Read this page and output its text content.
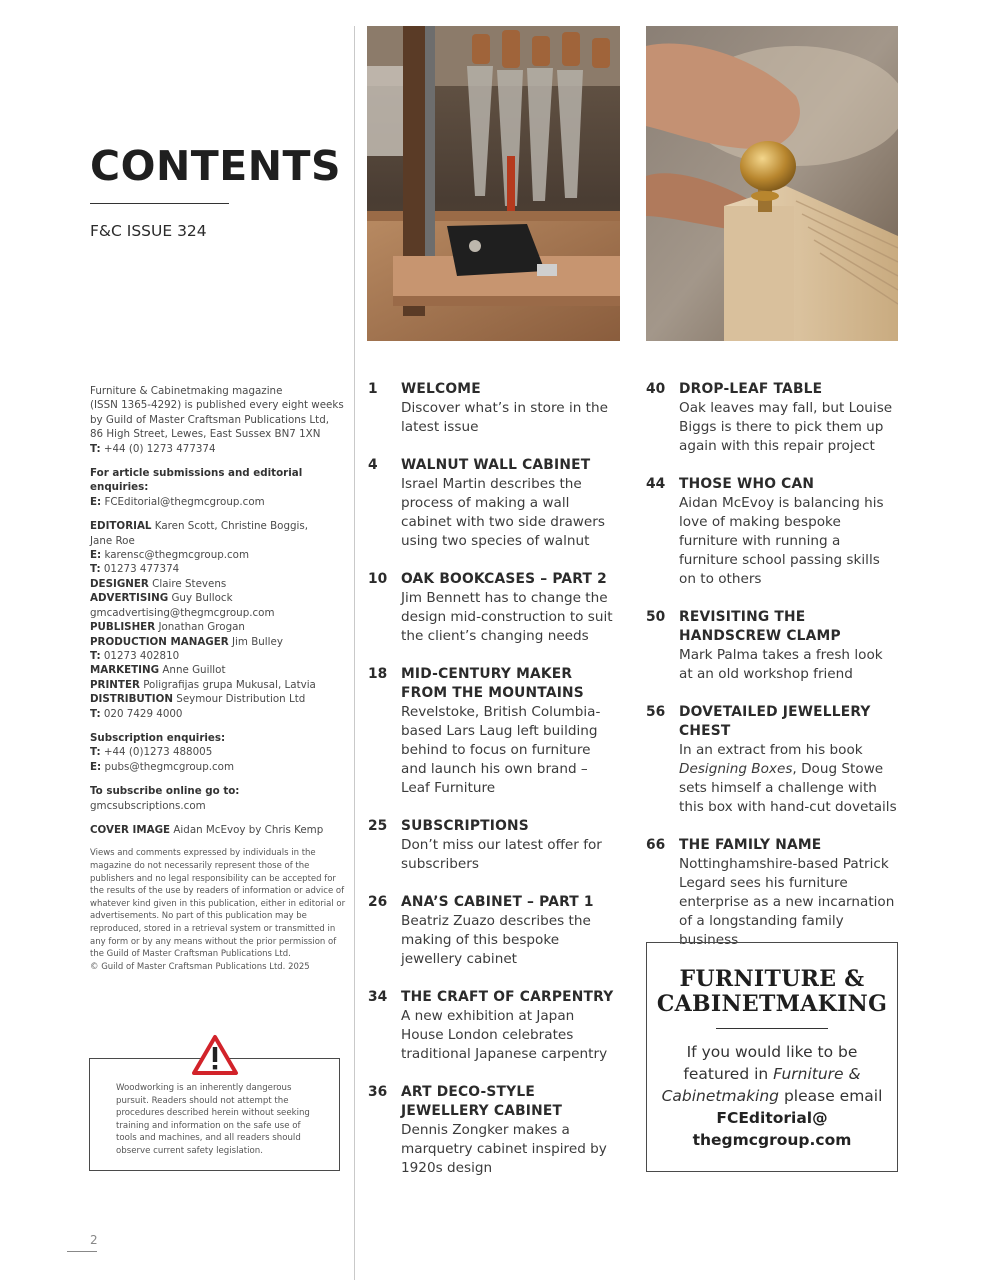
CONTENTS
F&C ISSUE 324

Furniture & Cabinetmaking magazine
(ISSN 1365-4292) is published every eight weeks
by Guild of Master Craftsman Publications Ltd,
86 High Street, Lewes, East Sussex BN7 1XN
T: +44 (0) 1273 477374

For article submissions and editorial enquiries:
E: FCEditorial@thegmcgroup.com

EDITORIAL Karen Scott, Christine Boggis,
Jane Roe
E: karensc@thegmcgroup.com
T: 01273 477374
DESIGNER Claire Stevens
ADVERTISING Guy Bullock
gmcadvertising@thegmcgroup.com
PUBLISHER Jonathan Grogan
PRODUCTION MANAGER Jim Bulley
T: 01273 402810
MARKETING Anne Guillot
PRINTER Poligrafijas grupa Mukusal, Latvia
DISTRIBUTION Seymour Distribution Ltd
T: 020 7429 4000

Subscription enquiries:
T: +44 (0)1273 488005
E: pubs@thegmcgroup.com

To subscribe online go to:
gmcsubscriptions.com

COVER IMAGE Aidan McEvoy by Chris Kemp

Views and comments expressed by individuals in the magazine do not necessarily represent those of the publishers and no legal responsibility can be accepted for the results of the use by readers of information or advice of whatever kind given in this publication, either in editorial or advertisements. No part of this publication may be reproduced, stored in a retrieval system or transmitted in any form or by any means without the prior permission of the Guild of Master Craftsman Publications Ltd.
© Guild of Master Craftsman Publications Ltd. 2025
Woodworking is an inherently dangerous pursuit. Readers should not attempt the procedures described herein without seeking training and information on the safe use of tools and machines, and all readers should observe current safety legislation.
2
1	WELCOME
Discover what’s in store in the latest issue
4	WALNUT WALL CABINET
Israel Martin describes the process of making a wall cabinet with two side drawers using two species of walnut
10 OAK BOOKCASES – PART 2
Jim Bennett has to change the design mid-construction to suit the client’s changing needs
18 MID-CENTURY MAKER FROM THE MOUNTAINS
Revelstoke, British Columbia-based Lars Laug left building behind to focus on furniture and launch his own brand – Leaf Furniture
25 SUBSCRIPTIONS
Don’t miss our latest offer for subscribers
26 ANA’S CABINET – PART 1
Beatriz Zuazo describes the making of this bespoke jewellery cabinet
34 THE CRAFT OF CARPENTRY
A new exhibition at Japan House London celebrates traditional Japanese carpentry
36 ART DECO-STYLE JEWELLERY CABINET
Dennis Zongker makes a marquetry cabinet inspired by 1920s design
40 DROP-LEAF TABLE
Oak leaves may fall, but Louise Biggs is there to pick them up again with this repair project
44 THOSE WHO CAN
Aidan McEvoy is balancing his love of making bespoke furniture with running a furniture school passing skills on to others
50 REVISITING THE HANDSCREW CLAMP
Mark Palma takes a fresh look at an old workshop friend
56 DOVETAILED JEWELLERY CHEST
In an extract from his book Designing Boxes, Doug Stowe sets himself a challenge with this box with hand-cut dovetails
66 THE FAMILY NAME
Nottinghamshire-based Patrick Legard sees his furniture enterprise as a new incarnation of a longstanding family business
FURNITURE &
CABINETMAKING
If you would like to be featured in Furniture & Cabinetmaking please email FCEditorial@
thegmcgroup.com
